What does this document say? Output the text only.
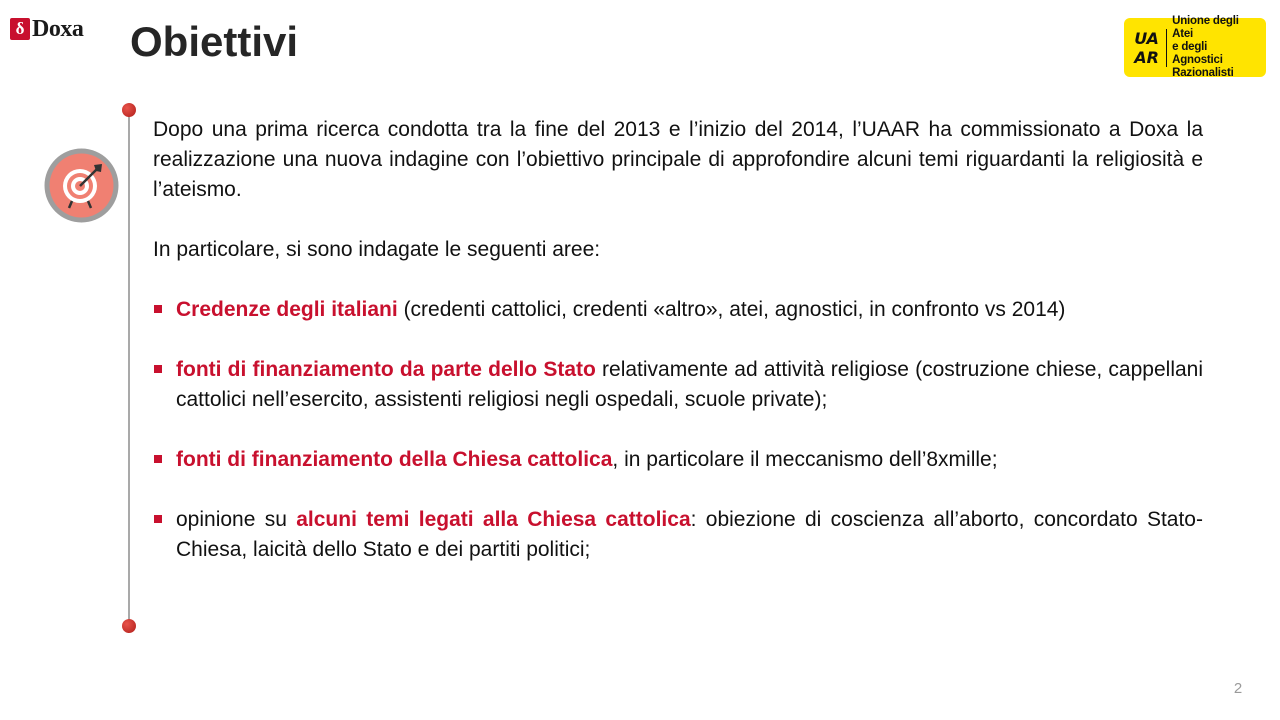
δ Doxa Obiettivi	UA
AR
Unione degli Atei
e degli Agnostici
Razionalisti

Dopo una prima ricerca condotta tra la fine del 2013 e l’inizio del 2014, l’UAAR ha commissionato a Doxa la realizzazione una nuova indagine con l’obiettivo principale di approfondire alcuni temi riguardanti la religiosità e l’ateismo.

In particolare, si sono indagate le seguenti aree:

Credenze degli italiani (credenti cattolici, credenti «altro», atei, agnostici, in confronto vs 2014)
fonti di finanziamento da parte dello Stato relativamente ad attività religiose (costruzione chiese, cappellani cattolici nell’esercito, assistenti religiosi negli ospedali, scuole private);
fonti di finanziamento della Chiesa cattolica, in particolare il meccanismo dell’8xmille;
opinione su alcuni temi legati alla Chiesa cattolica: obiezione di coscienza all’aborto, concordato Stato-Chiesa, laicità dello Stato e dei partiti politici;
2
